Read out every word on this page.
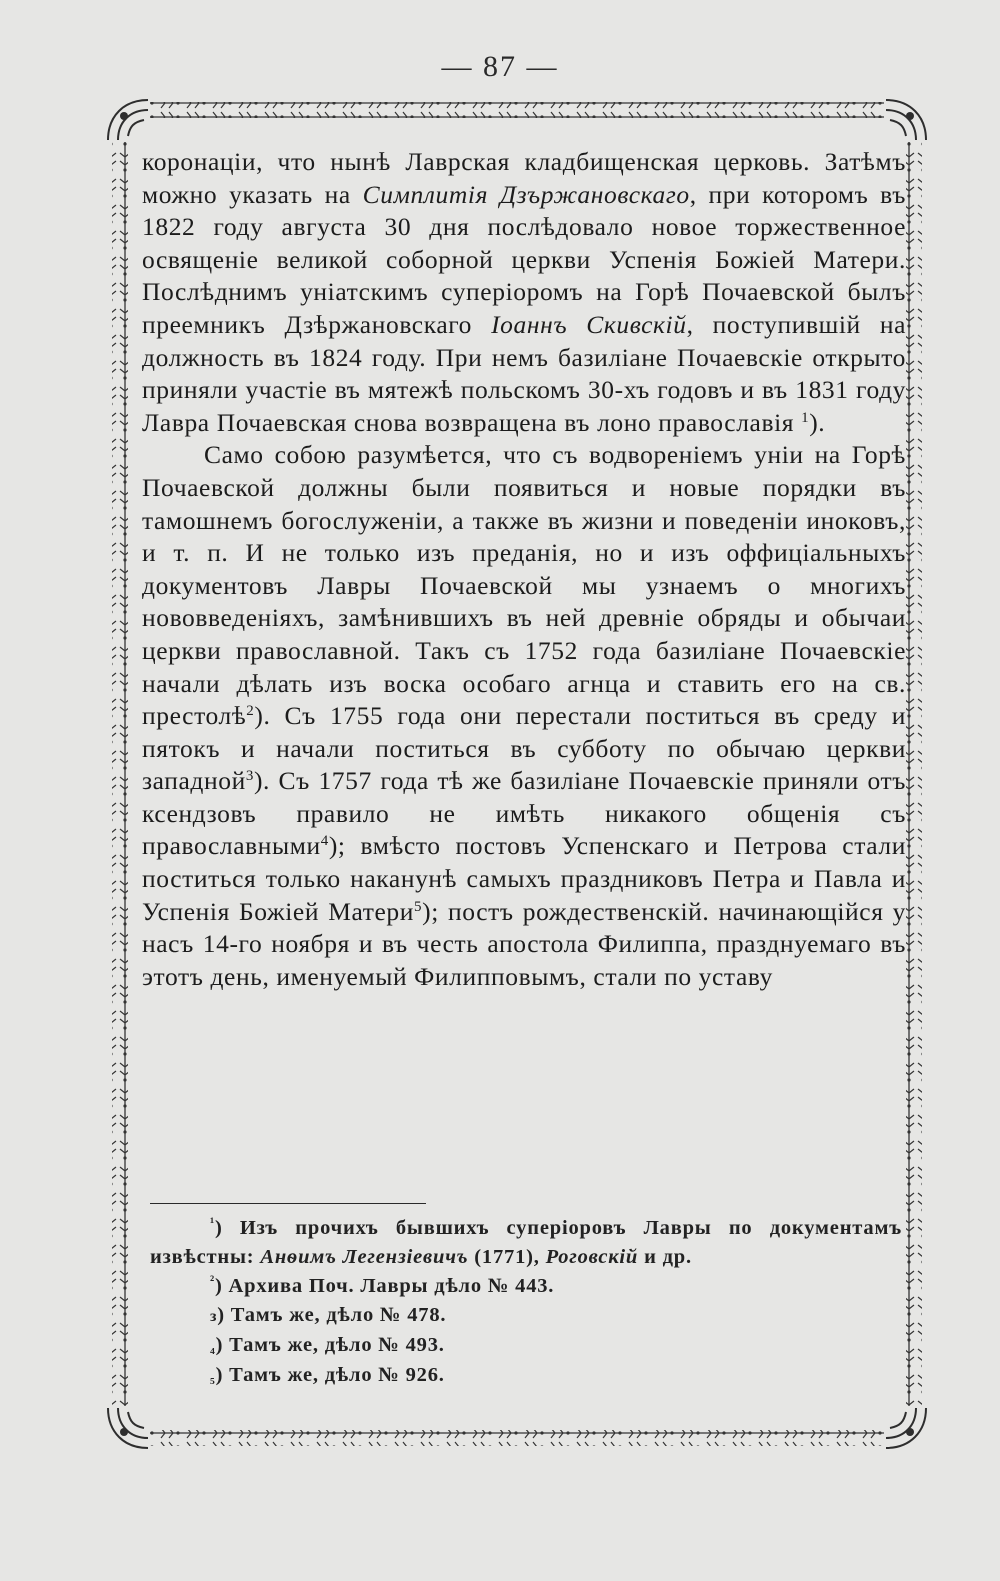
— 87 —

коронаціи, что нынѣ Лаврская кладбищенская церковь. Затѣмъ можно указать на Симплитія Дзържановскаго, при которомъ въ 1822 году августа 30 дня послѣдовало новое торжественное освященіе великой соборной церкви Успенія Божіей Матери. Послѣднимъ уніатскимъ суперіоромъ на Горѣ Почаевской былъ преемникъ Дзѣржановскаго Іоаннъ Скивскій, поступившій на должность въ 1824 году. При немъ базиліане Почаевскіе открыто приняли участіе въ мятежѣ польскомъ 30-хъ годовъ и въ 1831 году Лавра Почаевская снова возвращена въ лоно православія $^1$).

Само собою разумѣется, что съ водвореніемъ уніи на Горѣ Почаевской должны были появиться и новые порядки въ тамошнемъ богослуженіи, а также въ жизни и поведеніи иноковъ, и т. п. И не только изъ преданія, но и изъ оффиціальныхъ документовъ Лавры Почаевской мы узнаемъ о многихъ нововведеніяхъ, замѣнившихъ въ ней древніе обряды и обычаи церкви православной. Такъ съ 1752 года базиліане Почаевскіе начали дѣлать изъ воска особаго агнца и ставить его на св. престолѣ$^2$). Съ 1755 года они перестали поститься въ среду и пятокъ и начали поститься въ субботу по обычаю церкви западной$^3$). Съ 1757 года тѣ же базиліане Почаевскіе приняли отъ ксендзовъ правило не имѣть никакого общенія съ православными$^4$); вмѣсто постовъ Успенскаго и Петрова стали поститься только наканунѣ самыхъ праздниковъ Петра и Павла и Успенія Божіей Матери$^5$); постъ рождественскій. начинающійся у насъ 14-го ноября и въ честь апостола Филиппа, празднуемаго въ этотъ день, именуемый Филипповымъ, стали по уставу

$^{^1}$) Изъ прочихъ бывшихъ суперіоровъ Лавры по документамъ извѣстны: Анѳимъ Легензіевичъ (1771), Роговскій и др.

$^{^2}$) Архива Поч. Лавры дѣло № 443.

з) Тамъ же, дѣло № 478.

₄) Тамъ же, дѣло № 493.

₅) Тамъ же, дѣло № 926.
